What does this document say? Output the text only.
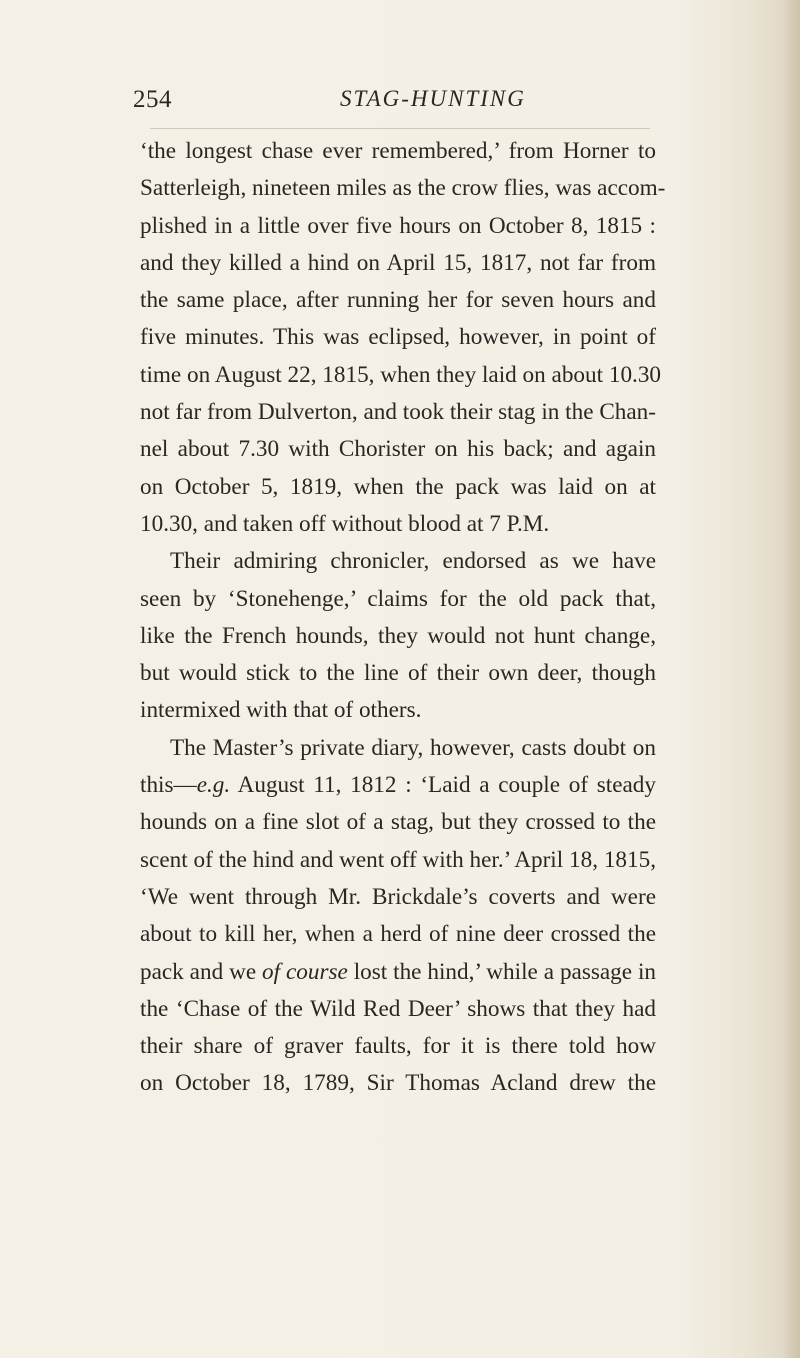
254	STAG-HUNTING
‘the longest chase ever remembered,’ from Horner to
Satterleigh, nineteen miles as the crow flies, was accom-
plished in a little over five hours on October 8, 1815 :
and they killed a hind on April 15, 1817, not far from
the same place, after running her for seven hours and
five minutes. This was eclipsed, however, in point of
time on August 22, 1815, when they laid on about 10.30
not far from Dulverton, and took their stag in the Chan-
nel about 7.30 with Chorister on his back; and again
on October 5, 1819, when the pack was laid on at
10.30, and taken off without blood at 7 P.M.
Their admiring chronicler, endorsed as we have
seen by ‘Stonehenge,’ claims for the old pack that,
like the French hounds, they would not hunt change,
but would stick to the line of their own deer, though
intermixed with that of others.
The Master’s private diary, however, casts doubt on
this—e.g. August 11, 1812 : ‘Laid a couple of steady
hounds on a fine slot of a stag, but they crossed to the
scent of the hind and went off with her.’ April 18, 1815,
‘We went through Mr. Brickdale’s coverts and were
about to kill her, when a herd of nine deer crossed the
pack and we of course lost the hind,’ while a passage in
the ‘Chase of the Wild Red Deer’ shows that they had
their share of graver faults, for it is there told how
on October 18, 1789, Sir Thomas Acland drew the
